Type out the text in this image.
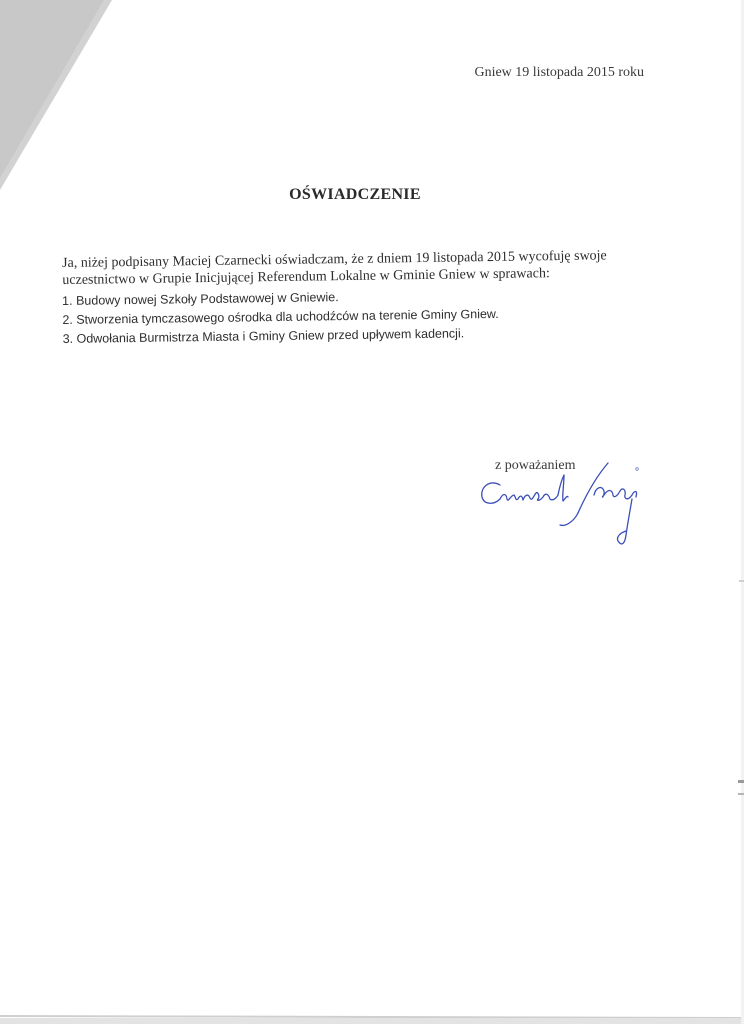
Gniew 19 listopada 2015 roku
OŚWIADCZENIE
Ja, niżej podpisany Maciej Czarnecki oświadczam, że z dniem 19 listopada 2015 wycofuję swoje
uczestnictwo w Grupie Inicjującej Referendum Lokalne w Gminie Gniew w sprawach:
1. Budowy nowej Szkoły Podstawowej w Gniewie.
2. Stworzenia tymczasowego ośrodka dla uchodźców na terenie Gminy Gniew.
3. Odwołania Burmistrza Miasta i Gminy Gniew przed upływem kadencji.
z poważaniem
